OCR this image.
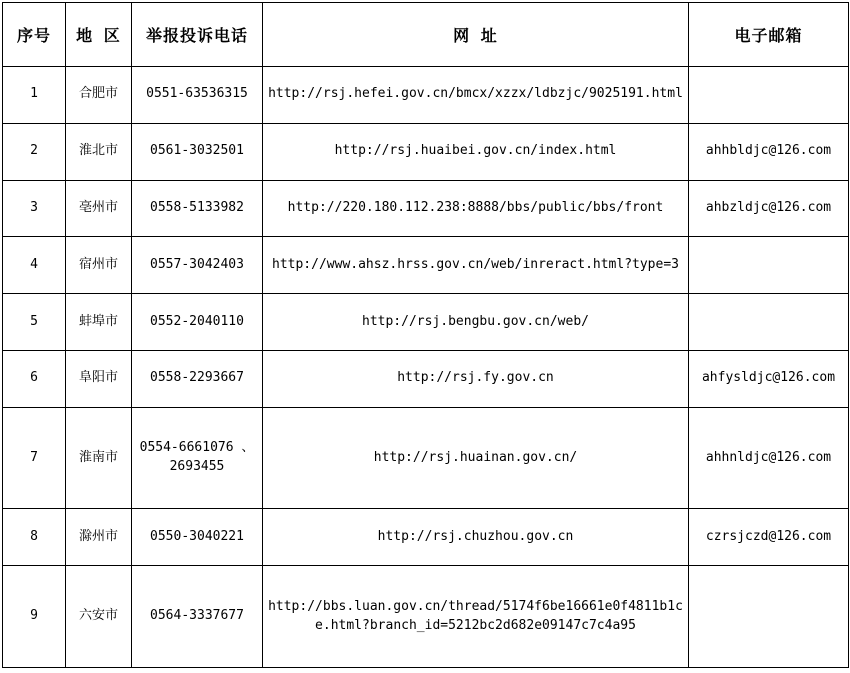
序号	地 区	举报投诉电话	网 址	电子邮箱
1	合肥市	0551-63536315	http://rsj.hefei.gov.cn/bmcx/xzzx/ldbzjc/9025191.html	
2	淮北市	0561-3032501	http://rsj.huaibei.gov.cn/index.html	ahhbldjc@126.com
3	亳州市	0558-5133982	http://220.180.112.238:8888/bbs/public/bbs/front	ahbzldjc@126.com
4	宿州市	0557-3042403	http://www.ahsz.hrss.gov.cn/web/inreract.html?type=3	
5	蚌埠市	0552-2040110	http://rsj.bengbu.gov.cn/web/	
6	阜阳市	0558-2293667	http://rsj.fy.gov.cn	ahfysldjc@126.com
7	淮南市	0554-6661076 、2693455	http://rsj.huainan.gov.cn/	ahhnldjc@126.com
8	滁州市	0550-3040221	http://rsj.chuzhou.gov.cn	czrsjczd@126.com
9	六安市	0564-3337677	http://bbs.luan.gov.cn/thread/5174f6be16661e0f4811b1ce.html?branch_id=5212bc2d682e09147c7c4a95	
